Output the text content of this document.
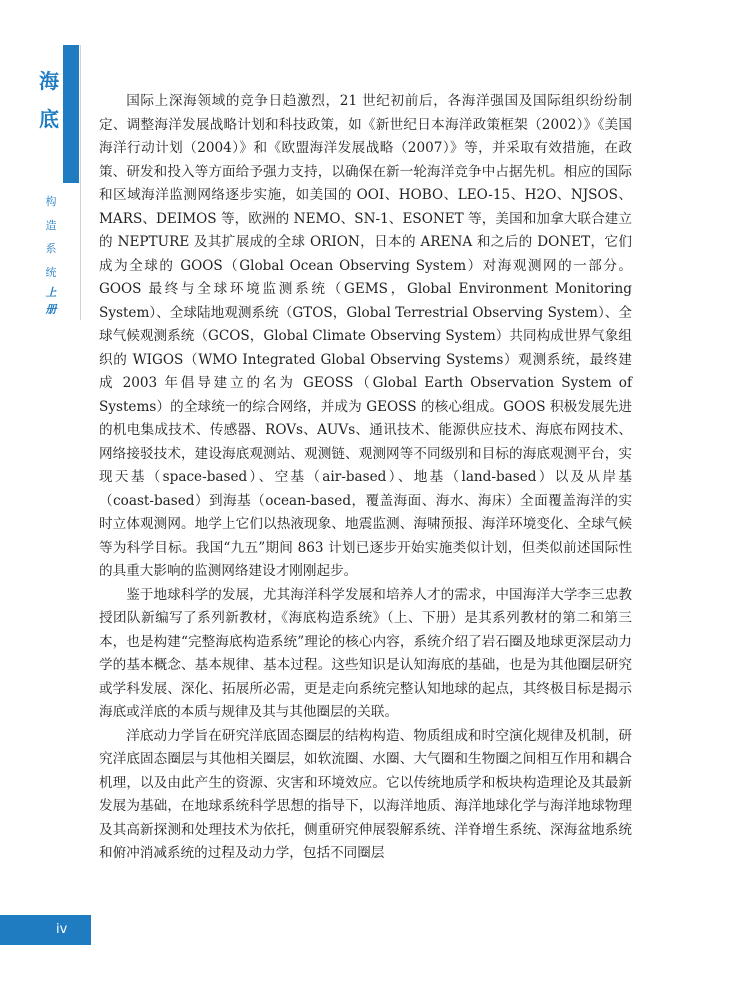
海
底
构
造
系
统
上
册

国际上深海领域的竞争日趋激烈，21 世纪初前后，各海洋强国及国际组织纷纷制定、调整海洋发展战略计划和科技政策，如《新世纪日本海洋政策框架（2002）》《美国海洋行动计划（2004）》和《欧盟海洋发展战略（2007）》等，并采取有效措施，在政策、研发和投入等方面给予强力支持，以确保在新一轮海洋竞争中占据先机。相应的国际和区域海洋监测网络逐步实施，如美国的 OOI、HOBO、LEO-15、H2O、NJSOS、MARS、DEIMOS 等，欧洲的 NEMO、SN-1、ESONET 等，美国和加拿大联合建立的 NEPTURE 及其扩展成的全球 ORION，日本的 ARENA 和之后的 DONET，它们成为全球的 GOOS（Global Ocean Observing System）对海观测网的一部分。GOOS 最终与全球环境监测系统（GEMS，Global Environment Monitoring System）、全球陆地观测系统（GTOS，Global Terrestrial Observing System）、全球气候观测系统（GCOS，Global Climate Observing System）共同构成世界气象组织的 WIGOS（WMO Integrated Global Observing Systems）观测系统，最终建成 2003 年倡导建立的名为 GEOSS（Global Earth Observation System of Systems）的全球统一的综合网络，并成为 GEOSS 的核心组成。GOOS 积极发展先进的机电集成技术、传感器、ROVs、AUVs、通讯技术、能源供应技术、海底布网技术、网络接驳技术，建设海底观测站、观测链、观测网等不同级别和目标的海底观测平台，实现天基（space-based）、空基（air-based）、地基（land-based）以及从岸基（coast-based）到海基（ocean-based，覆盖海面、海水、海床）全面覆盖海洋的实时立体观测网。地学上它们以热液现象、地震监测、海啸预报、海洋环境变化、全球气候等为科学目标。我国“九五”期间 863 计划已逐步开始实施类似计划，但类似前述国际性的具重大影响的监测网络建设才刚刚起步。

鉴于地球科学的发展，尤其海洋科学发展和培养人才的需求，中国海洋大学李三忠教授团队新编写了系列新教材，《海底构造系统》（上、下册）是其系列教材的第二和第三本，也是构建“完整海底构造系统”理论的核心内容，系统介绍了岩石圈及地球更深层动力学的基本概念、基本规律、基本过程。这些知识是认知海底的基础，也是为其他圈层研究或学科发展、深化、拓展所必需，更是走向系统完整认知地球的起点，其终极目标是揭示海底或洋底的本质与规律及其与其他圈层的关联。

洋底动力学旨在研究洋底固态圈层的结构构造、物质组成和时空演化规律及机制，研究洋底固态圈层与其他相关圈层，如软流圈、水圈、大气圈和生物圈之间相互作用和耦合机理，以及由此产生的资源、灾害和环境效应。它以传统地质学和板块构造理论及其最新发展为基础，在地球系统科学思想的指导下，以海洋地质、海洋地球化学与海洋地球物理及其高新探测和处理技术为依托，侧重研究伸展裂解系统、洋脊增生系统、深海盆地系统和俯冲消减系统的过程及动力学，包括不同圈层

iv
